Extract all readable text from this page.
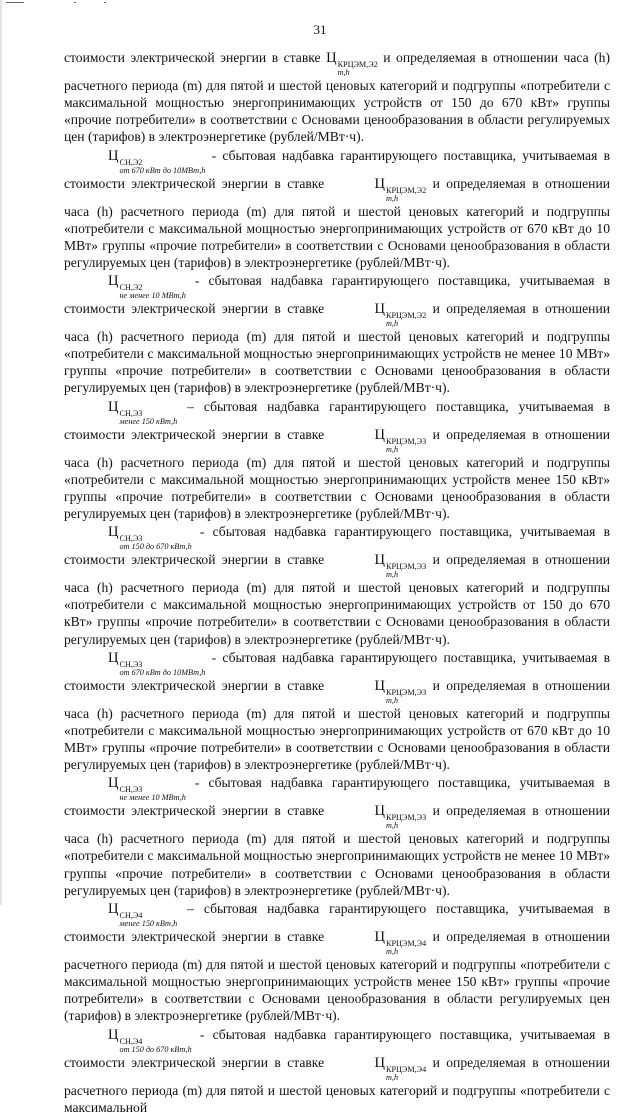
31

стоимости электрической энергии в ставке Ц КРЦЭМ,Э2
m,h
и определяемая в отношении часа (h) расчетного периода (m) для пятой и шестой ценовых категорий и подгруппы «потребители с максимальной мощностью энергопринимающих устройств от 150 до 670 кВт» группы «прочие потребители» в соответствии с Основами ценообразования в области регулируемых цен (тарифов) в электроэнергетике (рублей/МВт·ч).

Ц СН,Э2
от 670 кВт до 10МВт,h
- сбытовая надбавка гарантирующего поставщика, учитываемая в стоимости электрической энергии в ставке	Ц КРЦЭМ,Э2
m,h
и определяемая в отношении часа (h) расчетного периода (m) для пятой и шестой ценовых категорий и подгруппы «потребители с максимальной мощностью энергопринимающих устройств от 670 кВт до 10 МВт» группы «прочие потребители» в соответствии с Основами ценообразования в области регулируемых цен (тарифов) в электроэнергетике (рублей/МВт·ч).

Ц СН,Э2
не менее 10 МВт,h
- сбытовая надбавка гарантирующего поставщика, учитываемая в стоимости электрической энергии в ставке	Ц КРЦЭМ,Э2
m,h
и определяемая в отношении часа (h) расчетного периода (m) для пятой и шестой ценовых категорий и подгруппы «потребители с максимальной мощностью энергопринимающих устройств не менее 10 МВт» группы «прочие потребители» в соответствии с Основами ценообразования в области регулируемых цен (тарифов) в электроэнергетике (рублей/МВт·ч).

Ц СН,Э3
менее 150 кВт,h
– сбытовая надбавка гарантирующего поставщика, учитываемая в стоимости электрической энергии в ставке	Ц КРЦЭМ,Э3
m,h
и определяемая в отношении часа (h) расчетного периода (m) для пятой и шестой ценовых категорий и подгруппы «потребители с максимальной мощностью энергопринимающих устройств менее 150 кВт» группы «прочие потребители» в соответствии с Основами ценообразования в области регулируемых цен (тарифов) в электроэнергетике (рублей/МВт·ч).

Ц СН,Э3
от 150 до 670 кВт,h
- сбытовая надбавка гарантирующего поставщика, учитываемая в стоимости электрической энергии в ставке	Ц КРЦЭМ,Э3
m,h
и определяемая в отношении часа (h) расчетного периода (m) для пятой и шестой ценовых категорий и подгруппы «потребители с максимальной мощностью энергопринимающих устройств от 150 до 670 кВт» группы «прочие потребители» в соответствии с Основами ценообразования в области регулируемых цен (тарифов) в электроэнергетике (рублей/МВт·ч).

Ц СН,Э3
от 670 кВт до 10МВт,h
- сбытовая надбавка гарантирующего поставщика, учитываемая в стоимости электрической энергии в ставке	Ц КРЦЭМ,Э3
m,h
и определяемая в отношении часа (h) расчетного периода (m) для пятой и шестой ценовых категорий и подгруппы «потребители с максимальной мощностью энергопринимающих устройств от 670 кВт до 10 МВт» группы «прочие потребители» в соответствии с Основами ценообразования в области регулируемых цен (тарифов) в электроэнергетике (рублей/МВт·ч).

Ц СН,Э3
не менее 10 МВт,h
- сбытовая надбавка гарантирующего поставщика, учитываемая в стоимости электрической энергии в ставке	Ц КРЦЭМ,Э3
m,h
и определяемая в отношении часа (h) расчетного периода (m) для пятой и шестой ценовых категорий и подгруппы «потребители с максимальной мощностью энергопринимающих устройств не менее 10 МВт» группы «прочие потребители» в соответствии с Основами ценообразования в области регулируемых цен (тарифов) в электроэнергетике (рублей/МВт·ч).

Ц СН,Э4
менее 150 кВт,h
– сбытовая надбавка гарантирующего поставщика, учитываемая в стоимости электрической энергии в ставке	Ц КРЦЭМ,Э4
m,h
и определяемая в отношении расчетного периода (m) для пятой и шестой ценовых категорий и подгруппы «потребители с максимальной мощностью энергопринимающих устройств менее 150 кВт» группы «прочие потребители» в соответствии с Основами ценообразования в области регулируемых цен (тарифов) в электроэнергетике (рублей/МВт·ч).

Ц СН,Э4
от 150 до 670 кВт,h
- сбытовая надбавка гарантирующего поставщика, учитываемая в стоимости электрической энергии в ставке	Ц КРЦЭМ,Э4
m,h
и определяемая в отношении расчетного периода (m) для пятой и шестой ценовых категорий и подгруппы «потребители с максимальной
